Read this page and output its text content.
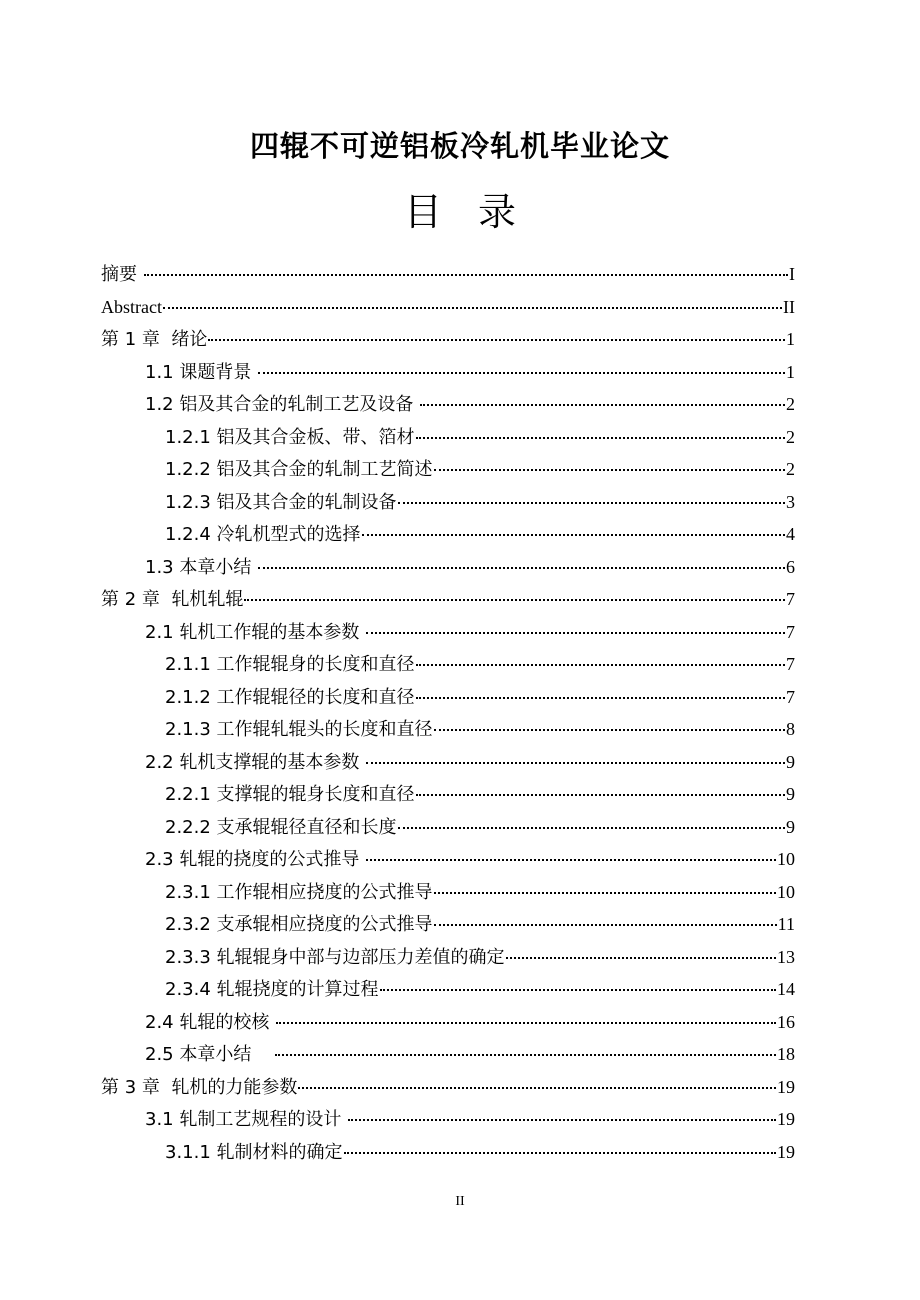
四辊不可逆铝板冷轧机毕业论文
目 录
摘要	I
Abstract	II
第 1 章  绪论	1
1.1 课题背景	1
1.2 铝及其合金的轧制工艺及设备	2
1.2.1 铝及其合金板、带、箔材	2
1.2.2 铝及其合金的轧制工艺简述	2
1.2.3 铝及其合金的轧制设备	3
1.2.4 冷轧机型式的选择	4
1.3 本章小结	6
第 2 章  轧机轧辊	7
2.1 轧机工作辊的基本参数	7
2.1.1 工作辊辊身的长度和直径	7
2.1.2 工作辊辊径的长度和直径	7
2.1.3 工作辊轧辊头的长度和直径	8
2.2 轧机支撑辊的基本参数	9
2.2.1 支撑辊的辊身长度和直径	9
2.2.2 支承辊辊径直径和长度	9
2.3 轧辊的挠度的公式推导	10
2.3.1 工作辊相应挠度的公式推导	10
2.3.2 支承辊相应挠度的公式推导	11
2.3.3 轧辊辊身中部与边部压力差值的确定	13
2.3.4 轧辊挠度的计算过程	14
2.4 轧辊的校核	16
2.5 本章小结	18
第 3 章  轧机的力能参数	19
3.1 轧制工艺规程的设计	19
3.1.1 轧制材料的确定	19
II
